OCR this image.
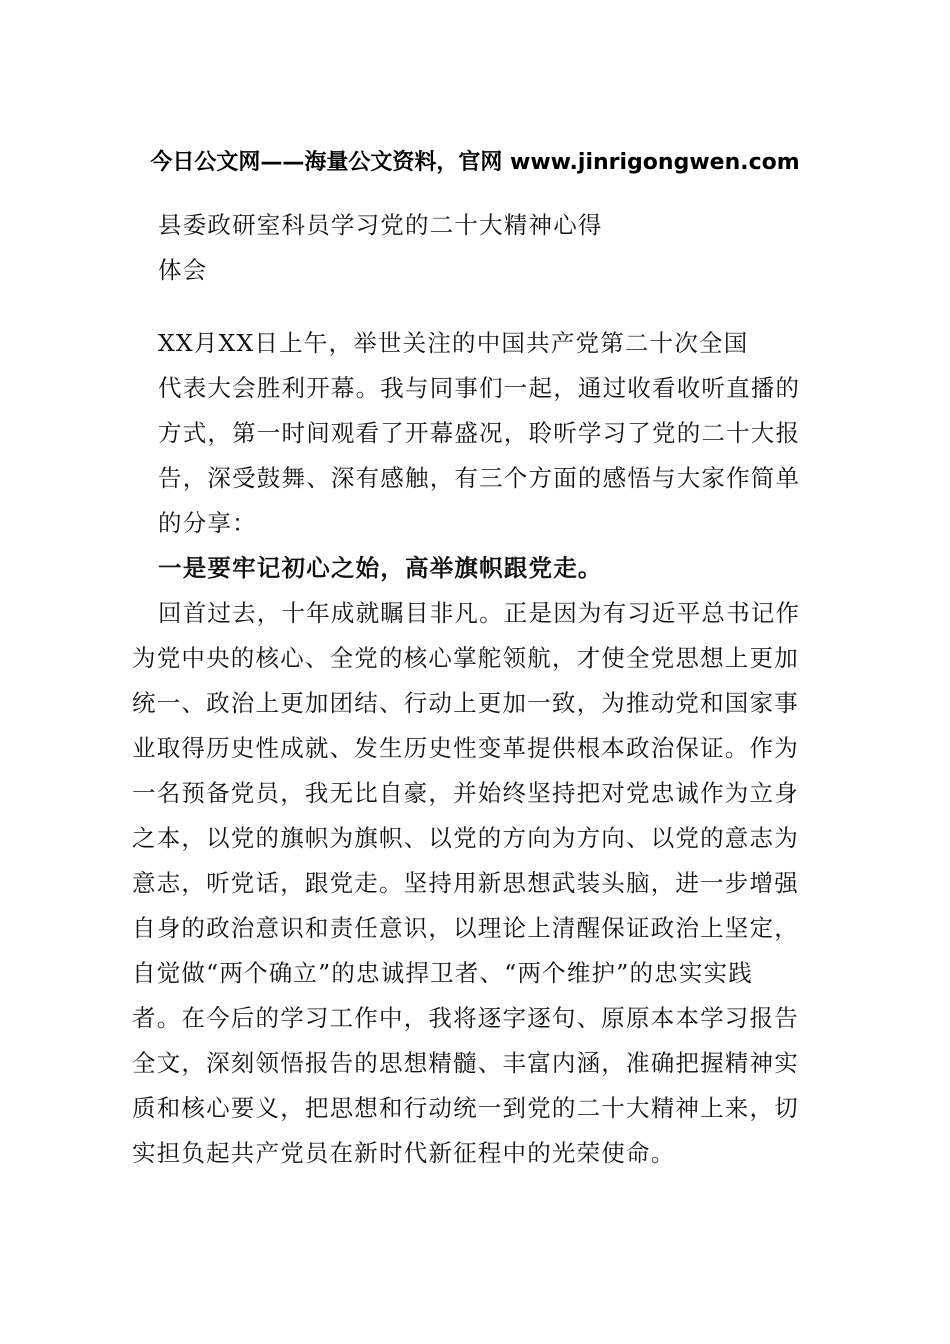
今日公文网——海量公文资料，官网 www.jinrigongwen.com
县委政研室科员学习党的二十大精神心得
体会
XX月XX日上午，举世关注的中国共产党第二十次全国
代表大会胜利开幕。我与同事们一起，通过收看收听直播的
方式，第一时间观看了开幕盛况，聆听学习了党的二十大报
告，深受鼓舞、深有感触，有三个方面的感悟与大家作简单
的分享：
一是要牢记初心之始，高举旗帜跟党走。
回首过去，十年成就瞩目非凡。正是因为有习近平总书记作
为党中央的核心、全党的核心掌舵领航，才使全党思想上更加
统一、政治上更加团结、行动上更加一致，为推动党和国家事
业取得历史性成就、发生历史性变革提供根本政治保证。作为
一名预备党员，我无比自豪，并始终坚持把对党忠诚作为立身
之本，以党的旗帜为旗帜、以党的方向为方向、以党的意志为
意志，听党话，跟党走。坚持用新思想武装头脑，进一步增强
自身的政治意识和责任意识，以理论上清醒保证政治上坚定，
自觉做“两个确立”的忠诚捍卫者、“两个维护”的忠实实践
者。在今后的学习工作中，我将逐字逐句、原原本本学习报告
全文，深刻领悟报告的思想精髓、丰富内涵，准确把握精神实
质和核心要义，把思想和行动统一到党的二十大精神上来，切
实担负起共产党员在新时代新征程中的光荣使命。
